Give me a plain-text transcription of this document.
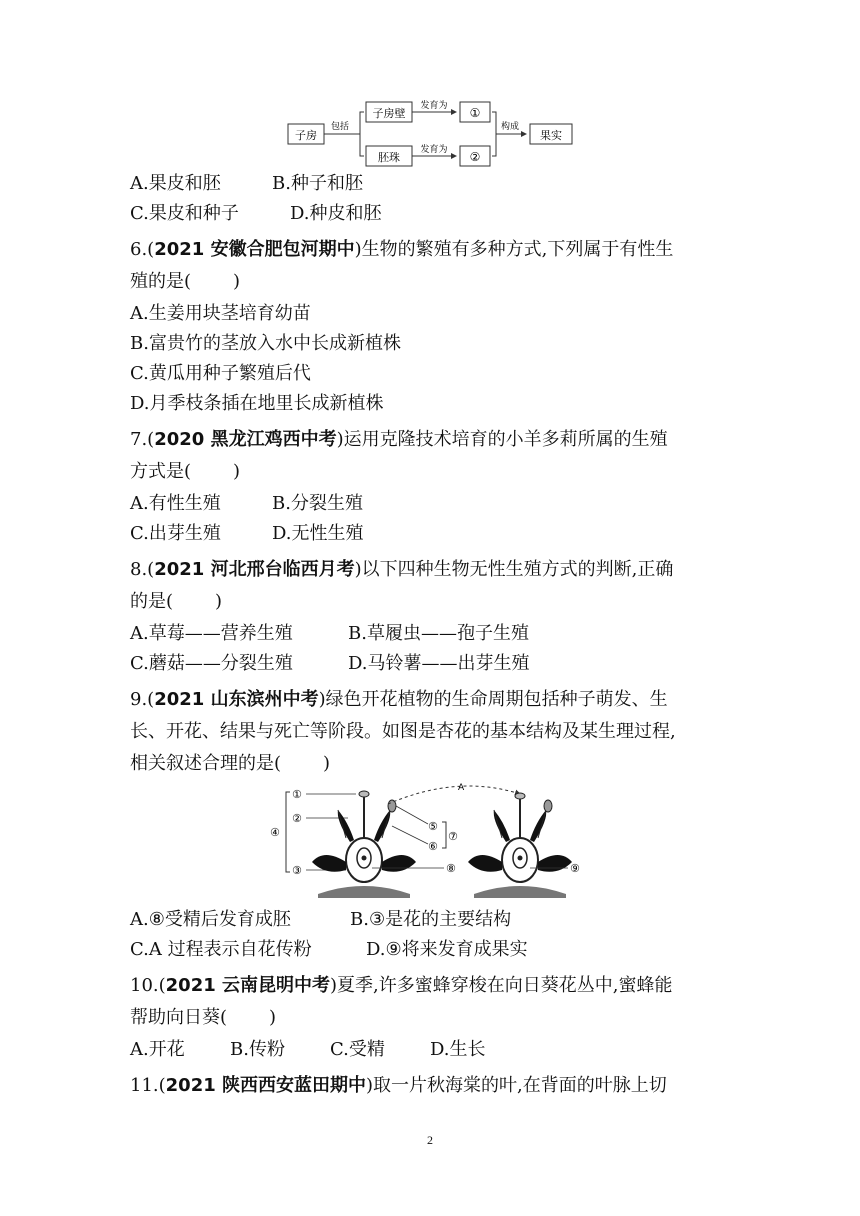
子房
包括
子房壁
胚珠
发育为
发育为
①
②
构成
果实
A.果皮和胚	B.种子和胚
C.果皮和种子	D.种皮和胚
6.(2021 安徽合肥包河期中)生物的繁殖有多种方式,下列属于有性生
殖的是( )
A.生姜用块茎培育幼苗
B.富贵竹的茎放入水中长成新植株
C.黄瓜用种子繁殖后代
D.月季枝条插在地里长成新植株
7.(2020 黑龙江鸡西中考)运用克隆技术培育的小羊多莉所属的生殖
方式是( )
A.有性生殖	B.分裂生殖
C.出芽生殖	D.无性生殖
8.(2021 河北邢台临西月考)以下四种生物无性生殖方式的判断,正确
的是( )
A.草莓——营养生殖	B.草履虫——孢子生殖
C.蘑菇——分裂生殖	D.马铃薯——出芽生殖
9.(2021 山东滨州中考)绿色开花植物的生命周期包括种子萌发、生
长、开花、结果与死亡等阶段。如图是杏花的基本结构及某生理过程,
相关叙述合理的是( )
④
①
②
③
⑤
⑥
⑦
⑧
A
⑨
A.⑧受精后发育成胚	B.③是花的主要结构
C.A 过程表示自花传粉	D.⑨将来发育成果实
10.(2021 云南昆明中考)夏季,许多蜜蜂穿梭在向日葵花丛中,蜜蜂能
帮助向日葵( )
A.开花	B.传粉	C.受精	D.生长
11.(2021 陕西西安蓝田期中)取一片秋海棠的叶,在背面的叶脉上切
2
